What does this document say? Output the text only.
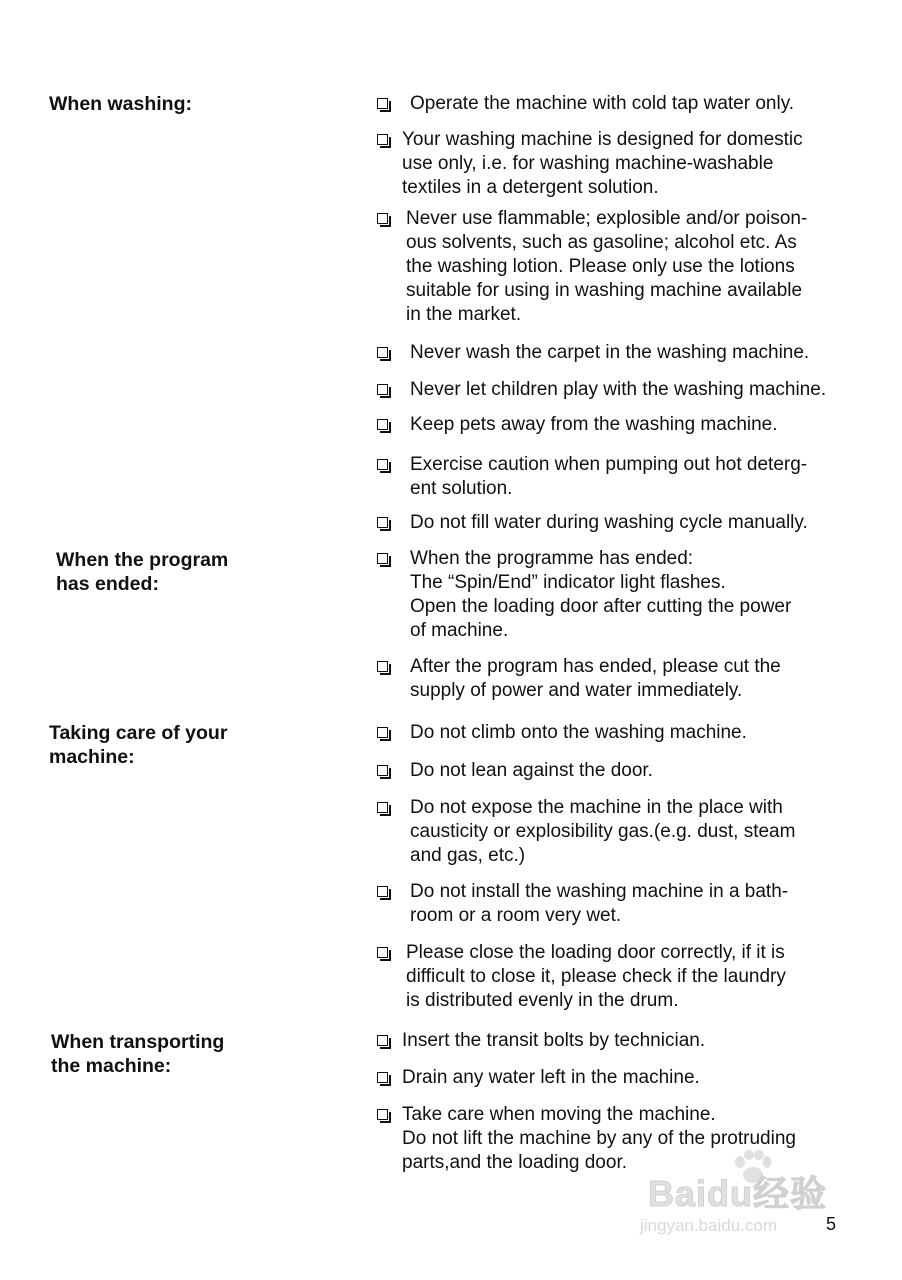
When washing:
When the program
has ended:
Taking care of your
machine:
When transporting
the machine:
Operate the machine with cold tap water only.
Your washing machine is designed for domestic
use only, i.e. for washing machine-washable
textiles in a detergent solution.
Never use flammable; explosible and/or poison-
ous solvents, such as gasoline; alcohol etc. As
the washing lotion. Please only use the lotions
suitable for using in washing machine available
in the market.
Never wash the carpet in the washing machine.
Never let children play with the washing machine.
Keep pets away from the washing machine.
Exercise caution when pumping out hot deterg-
ent solution.
Do not fill water during washing cycle manually.
When the programme has ended:
The “Spin/End” indicator light flashes.
Open the loading door after cutting the power
of machine.
After the program has ended, please cut the
supply of power and water immediately.
Do not climb onto the washing machine.
Do not lean against the door.
Do not expose the machine in the place with
causticity or explosibility gas.(e.g. dust, steam
and gas, etc.)
Do not install the washing machine in a bath-
room or a room very wet.
Please close the loading door correctly, if it is
difficult to close it, please check if the laundry
is distributed evenly in the drum.
Insert the transit bolts by technician.
Drain any water left in the machine.
Take care when moving the machine.
Do not lift the machine by any of the protruding
parts,and the loading door.
Baidu经验
jingyan.baidu.com	5
